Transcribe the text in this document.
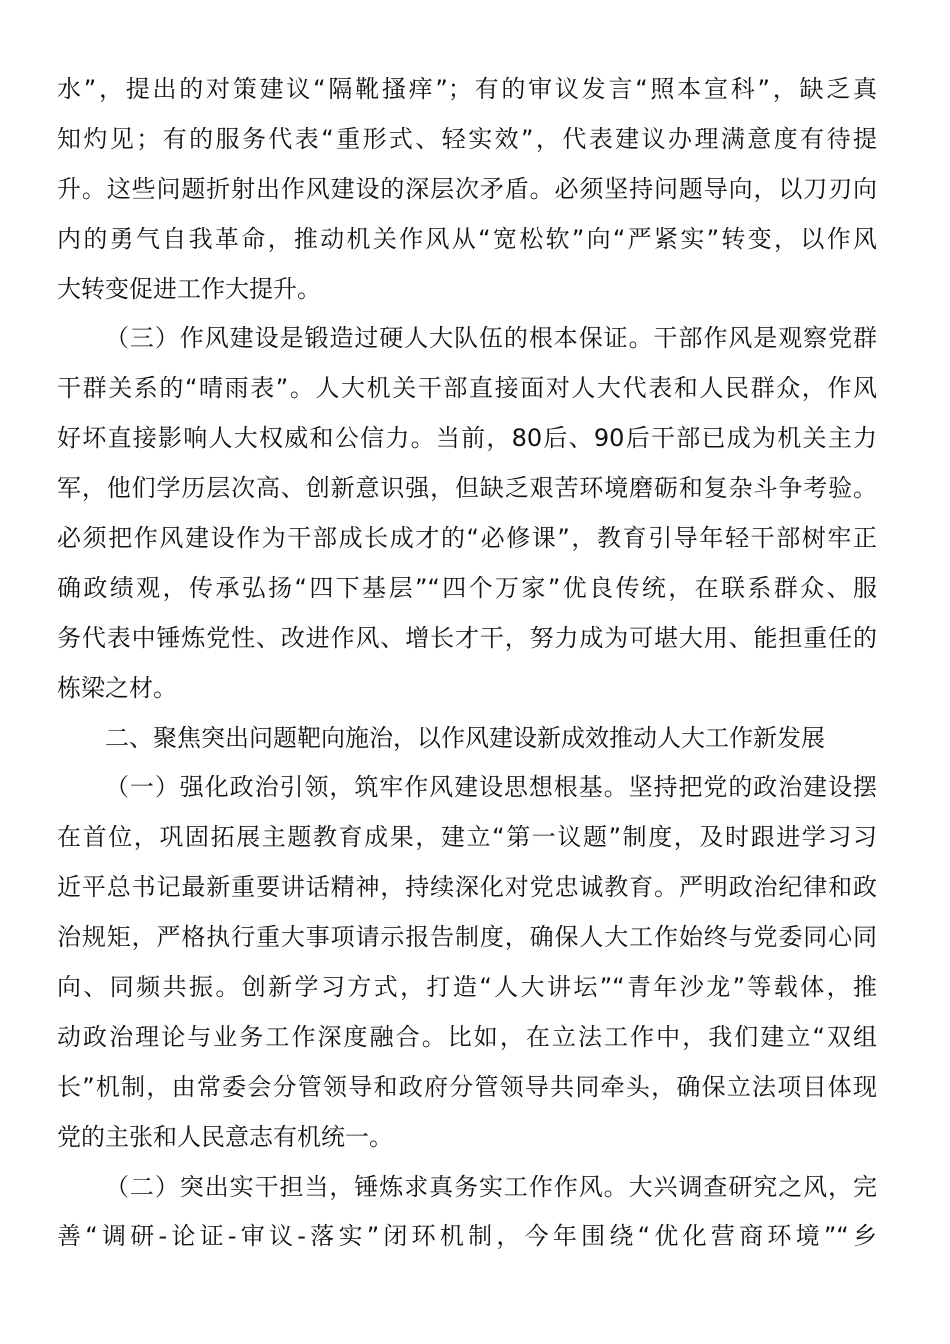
水”，提出的对策建议“隔靴搔痒”；有的审议发言“照本宣科”，缺乏真
知灼见；有的服务代表“重形式、轻实效”，代表建议办理满意度有待提
升。这些问题折射出作风建设的深层次矛盾。必须坚持问题导向，以刀刃向
内的勇气自我革命，推动机关作风从“宽松软”向“严紧实”转变，以作风
大转变促进工作大提升。
（三）作风建设是锻造过硬人大队伍的根本保证。干部作风是观察党群
干群关系的“晴雨表”。人大机关干部直接面对人大代表和人民群众，作风
好坏直接影响人大权威和公信力。当前，80后、90后干部已成为机关主力
军，他们学历层次高、创新意识强，但缺乏艰苦环境磨砺和复杂斗争考验。
必须把作风建设作为干部成长成才的“必修课”，教育引导年轻干部树牢正
确政绩观，传承弘扬“四下基层”“四个万家”优良传统，在联系群众、服
务代表中锤炼党性、改进作风、增长才干，努力成为可堪大用、能担重任的
栋梁之材。
二、聚焦突出问题靶向施治，以作风建设新成效推动人大工作新发展
（一）强化政治引领，筑牢作风建设思想根基。坚持把党的政治建设摆
在首位，巩固拓展主题教育成果，建立“第一议题”制度，及时跟进学习习
近平总书记最新重要讲话精神，持续深化对党忠诚教育。严明政治纪律和政
治规矩，严格执行重大事项请示报告制度，确保人大工作始终与党委同心同
向、同频共振。创新学习方式，打造“人大讲坛”“青年沙龙”等载体，推
动政治理论与业务工作深度融合。比如，在立法工作中，我们建立“双组
长”机制，由常委会分管领导和政府分管领导共同牵头，确保立法项目体现
党的主张和人民意志有机统一。
（二）突出实干担当，锤炼求真务实工作作风。大兴调查研究之风，完
善“调研-论证-审议-落实”闭环机制，今年围绕“优化营商环境”“乡
